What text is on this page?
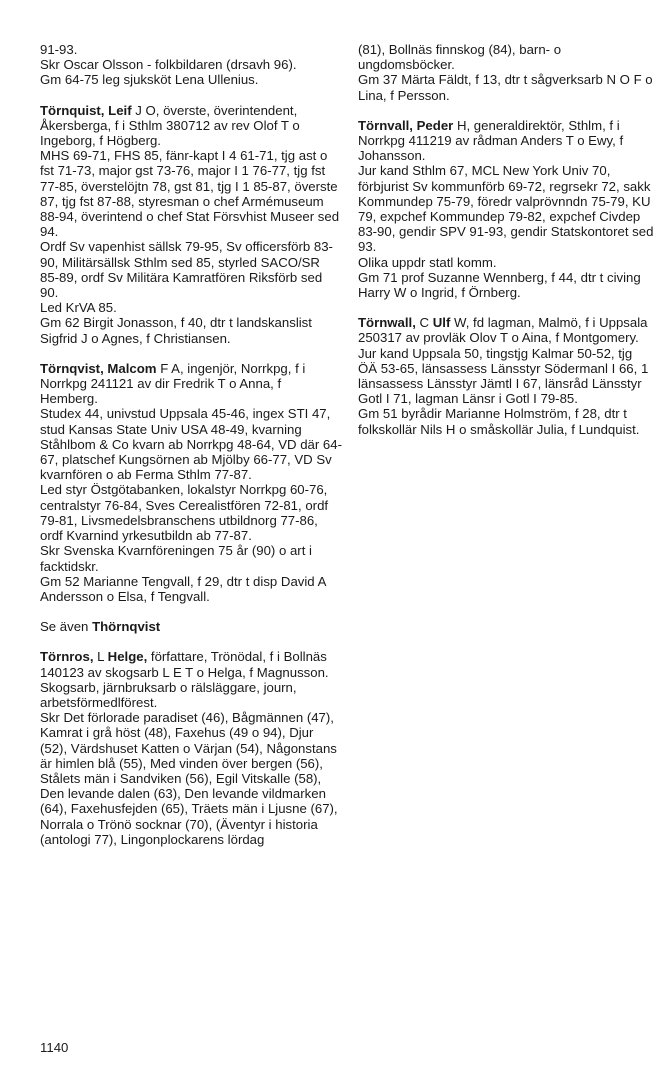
91-93.

Skr Oscar Olsson - folkbildaren (drsavh 96).

Gm 64-75 leg sjuksköt Lena Ullenius.

Törnquist, Leif J O, överste, överintendent, Åkersberga, f i Sthlm 380712 av rev Olof T o Ingeborg, f Högberg.

MHS 69-71, FHS 85, fänr-kapt I 4 61-71, tjg ast o fst 71-73, major gst 73-76, major I 1 76-77, tjg fst 77-85, överstelöjtn 78, gst 81, tjg I 1 85-87, överste 87, tjg fst 87-88, styresman o chef Armémuseum 88-94, överintend o chef Stat Försvhist Museer sed 94.

Ordf Sv vapenhist sällsk 79-95, Sv officersförb 83-90, Militärsällsk Sthlm sed 85, styrled SACO/SR 85-89, ordf Sv Militära Kamratfören Riksförb sed 90.

Led KrVA 85.

Gm 62 Birgit Jonasson, f 40, dtr t landskanslist Sigfrid J o Agnes, f Christiansen.

Törnqvist, Malcom F A, ingenjör, Norrkpg, f i Norrkpg 241121 av dir Fredrik T o Anna, f Hemberg.

Studex 44, univstud Uppsala 45-46, ingex STI 47, stud Kansas State Univ USA 48-49, kvarning Ståhlbom & Co kvarn ab Norrkpg 48-64, VD där 64-67, platschef Kungsörnen ab Mjölby 66-77, VD Sv kvarnfören o ab Ferma Sthlm 77-87.

Led styr Östgötabanken, lokalstyr Norrkpg 60-76, centralstyr 76-84, Sves Cerealistfören 72-81, ordf 79-81, Livsmedelsbranschens utbildnorg 77-86, ordf Kvarnind yrkesutbildn ab 77-87.

Skr Svenska Kvarnföreningen 75 år (90) o art i facktidskr.

Gm 52 Marianne Tengvall, f 29, dtr t disp David A Andersson o Elsa, f Tengvall.

Se även Thörnqvist

Törnros, L Helge, författare, Trönödal, f i Bollnäs 140123 av skogsarb L E T o Helga, f Magnusson.

Skogsarb, järnbruksarb o rälsläggare, journ, arbetsförmedlförest.

Skr Det förlorade paradiset (46), Bågmännen (47), Kamrat i grå höst (48), Faxehus (49 o 94), Djur (52), Värdshuset Katten o Värjan (54), Någonstans är himlen blå (55), Med vinden över bergen (56), Stålets män i Sandviken (56), Egil Vitskalle (58), Den levande dalen (63), Den levande vildmarken (64), Faxehusfejden (65), Träets män i Ljusne (67), Norrala o Trönö socknar (70), (Äventyr i historia (antologi 77), Lingonplockarens lördag

(81), Bollnäs finnskog (84), barn- o ungdomsböcker.

Gm 37 Märta Fäldt, f 13, dtr t sågverksarb N O F o Lina, f Persson.

Törnvall, Peder H, generaldirektör, Sthlm, f i Norrkpg 411219 av rådman Anders T o Ewy, f Johansson.

Jur kand Sthlm 67, MCL New York Univ 70, förbjurist Sv kommunförb 69-72, regrsekr 72, sakk Kommundep 75-79, föredr valprövnndn 75-79, KU 79, expchef Kommundep 79-82, expchef Civdep 83-90, gendir SPV 91-93, gendir Statskontoret sed 93.

Olika uppdr statl komm.

Gm 71 prof Suzanne Wennberg, f 44, dtr t civing Harry W o Ingrid, f Örnberg.

Törnwall, C Ulf W, fd lagman, Malmö, f i Uppsala 250317 av provläk Olov T o Aina, f Montgomery.

Jur kand Uppsala 50, tingstjg Kalmar 50-52, tjg ÖÄ 53-65, länsassess Länsstyr Södermanl I 66, 1 länsassess Länsstyr Jämtl I 67, länsråd Länsstyr Gotl I 71, lagman Länsr i Gotl I 79-85.

Gm 51 byrådir Marianne Holmström, f 28, dtr t folkskollär Nils H o småskollär Julia, f Lundquist.

1140
